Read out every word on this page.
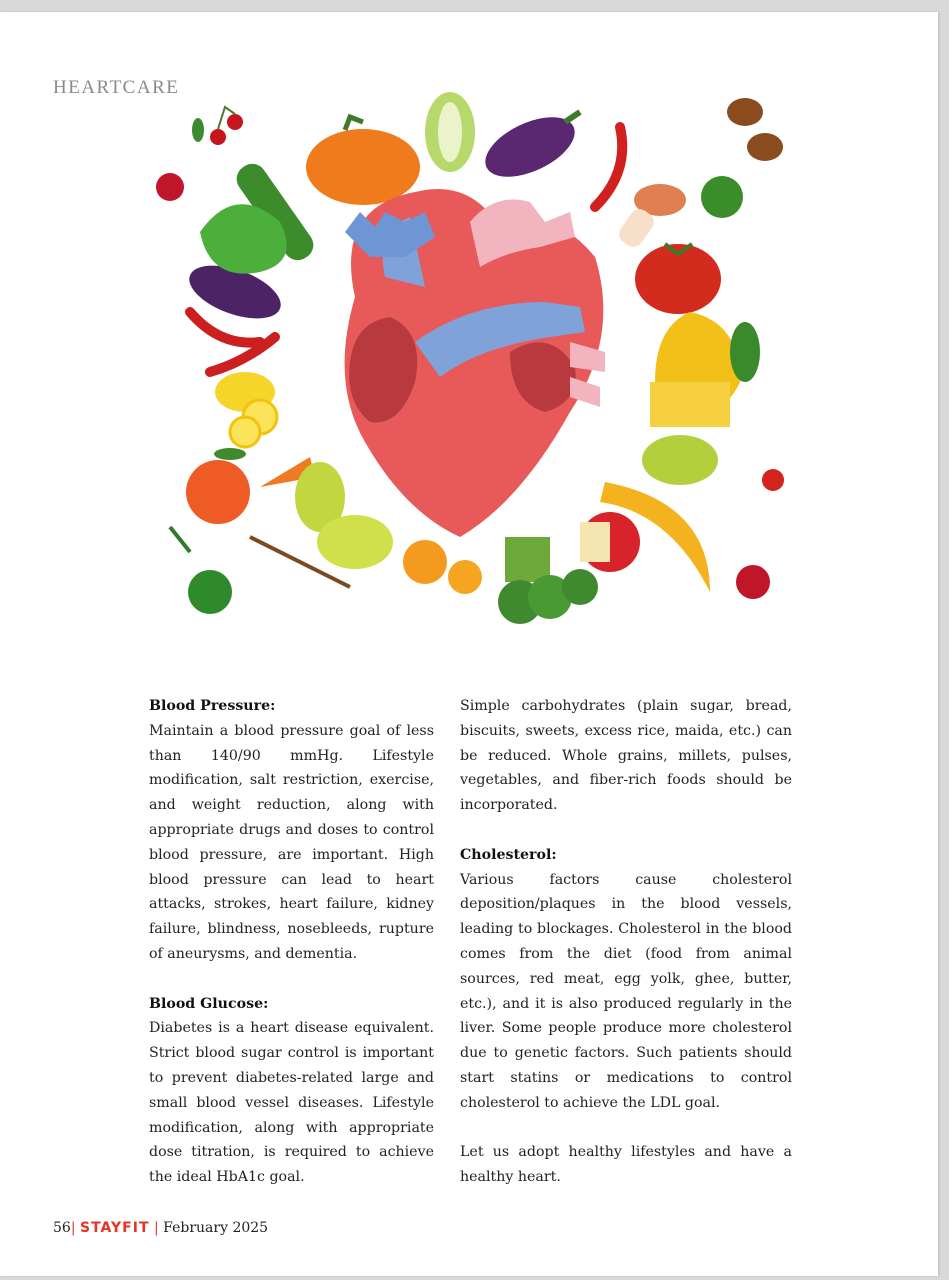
HEARTCARE
Blood Pressure:

Maintain a blood pressure goal of less than 140/90 mmHg. Lifestyle modification, salt restriction, exercise, and weight reduction, along with appropriate drugs and doses to control blood pressure, are important. High blood pressure can lead to heart attacks, strokes, heart failure, kidney failure, blindness, nosebleeds, rupture of aneurysms, and dementia.

Blood Glucose:

Diabetes is a heart disease equivalent. Strict blood sugar control is important to prevent diabetes-related large and small blood vessel diseases. Lifestyle modification, along with appropriate dose titration, is required to achieve the ideal HbA1c goal.

Simple carbohydrates (plain sugar, bread, biscuits, sweets, excess rice, maida, etc.) can be reduced. Whole grains, millets, pulses, vegetables, and fiber-rich foods should be incorporated.

Cholesterol:

Various factors cause cholesterol deposition/plaques in the blood vessels, leading to blockages. Cholesterol in the blood comes from the diet (food from animal sources, red meat, egg yolk, ghee, butter, etc.), and it is also produced regularly in the liver. Some people produce more cholesterol due to genetic factors. Such patients should start statins or medications to control cholesterol to achieve the LDL goal.

Let us adopt healthy lifestyles and have a healthy heart.

56| STAYFIT | February 2025
